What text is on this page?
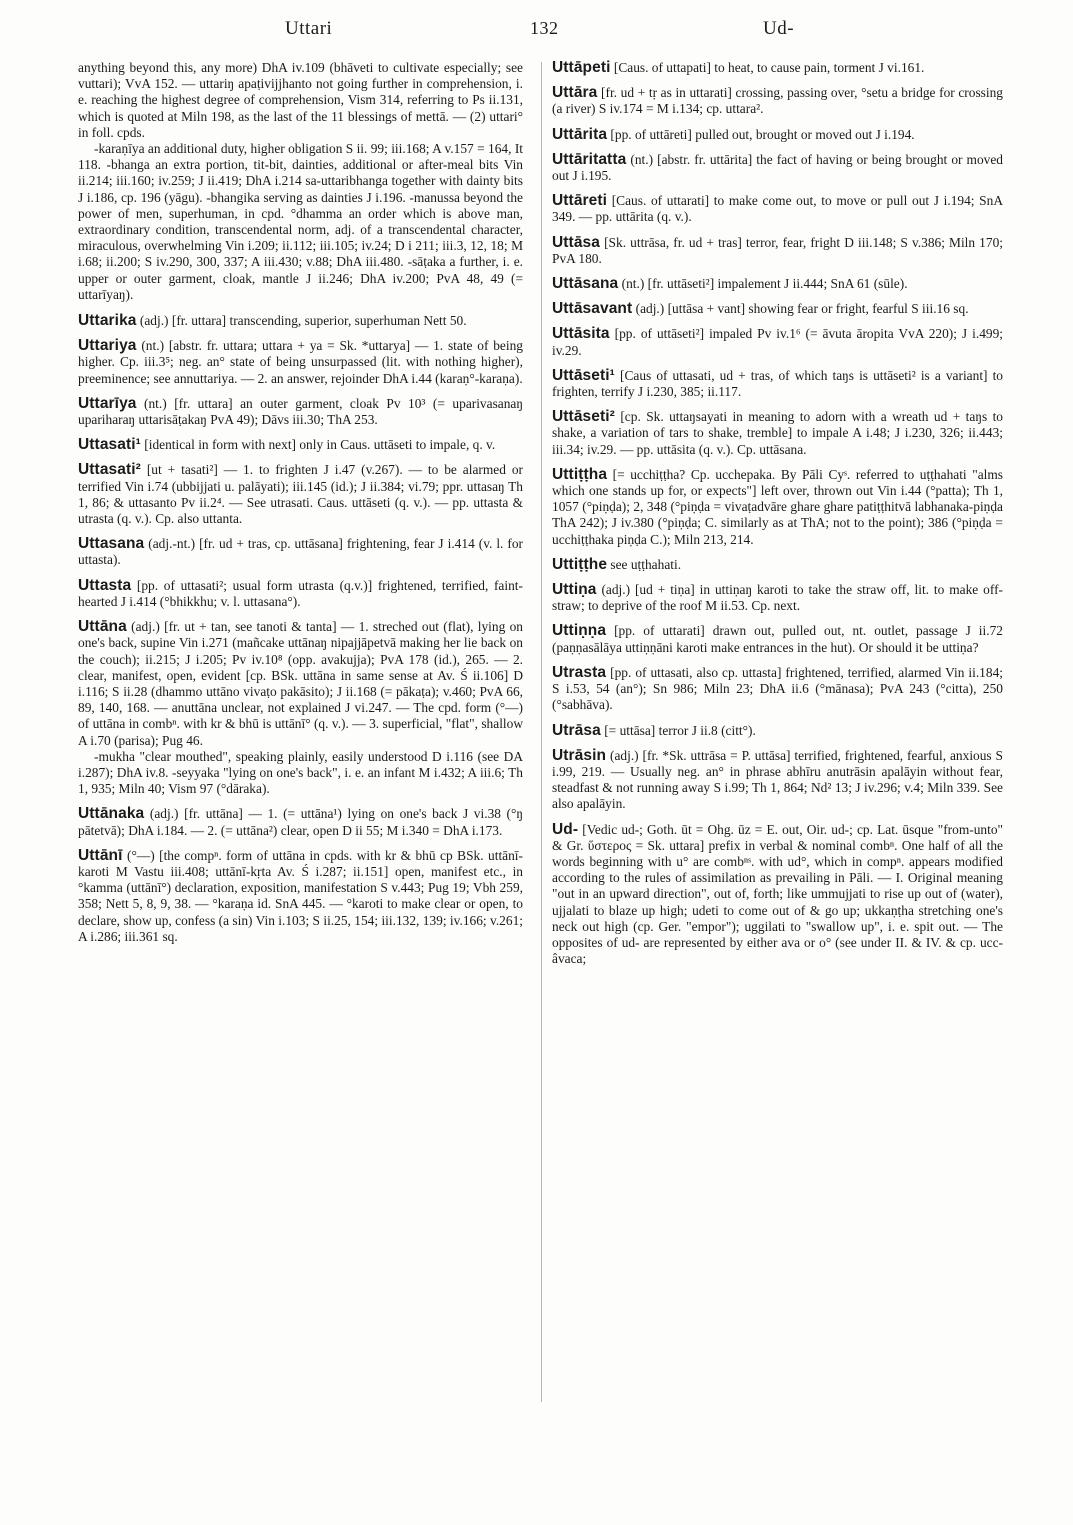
Uttari	132	Ud-

anything beyond this, any more) DhA iv.109 (bhāveti to cultivate especially; see vuttari); VvA 152. — uttariŋ apaṭivijjhanto not going further in comprehension, i. e. reaching the highest degree of comprehension, Vism 314, referring to Ps ii.131, which is quoted at Miln 198, as the last of the 11 blessings of mettā. — (2) uttari° in foll. cpds.

-karaṇīya an additional duty, higher obligation S ii. 99; iii.168; A v.157 = 164, It 118. -bhanga an extra portion, tit-bit, dainties, additional or after-meal bits Vin ii.214; iii.160; iv.259; J ii.419; DhA i.214 sa-uttaribhanga together with dainty bits J i.186, cp. 196 (yāgu). -bhangika serving as dainties J i.196. -manussa beyond the power of men, superhuman, in cpd. °dhamma an order which is above man, extraordinary condition, transcendental norm, adj. of a transcendental character, miraculous, overwhelming Vin i.209; ii.112; iii.105; iv.24; D i 211; iii.3, 12, 18; M i.68; ii.200; S iv.290, 300, 337; A iii.430; v.88; DhA iii.480. -sāṭaka a further, i. e. upper or outer garment, cloak, mantle J ii.246; DhA iv.200; PvA 48, 49 (= uttarīyaŋ).

Uttarika (adj.) [fr. uttara] transcending, superior, superhuman Nett 50.

Uttariya (nt.) [abstr. fr. uttara; uttara + ya = Sk. *uttarya] — 1. state of being higher. Cp. iii.3⁵; neg. an° state of being unsurpassed (lit. with nothing higher), preeminence; see annuttariya. — 2. an answer, rejoinder DhA i.44 (karaṇ°-karaṇa).

Uttarīya (nt.) [fr. uttara] an outer garment, cloak Pv 10³ (= uparivasanaŋ upariharaŋ uttarisāṭakaŋ PvA 49); Dāvs iii.30; ThA 253.

Uttasati¹ [identical in form with next] only in Caus. uttāseti to impale, q. v.

Uttasati² [ut + tasati²] — 1. to frighten J i.47 (v.267). — to be alarmed or terrified Vin i.74 (ubbijjati u. palāyati); iii.145 (id.); J ii.384; vi.79; ppr. uttasaŋ Th 1, 86; & uttasanto Pv ii.2⁴. — See utrasati. Caus. uttāseti (q. v.). — pp. uttasta & utrasta (q. v.). Cp. also uttanta.

Uttasana (adj.-nt.) [fr. ud + tras, cp. uttāsana] frightening, fear J i.414 (v. l. for uttasta).

Uttasta [pp. of uttasati²; usual form utrasta (q.v.)] frightened, terrified, faint-hearted J i.414 (°bhikkhu; v. l. uttasana°).

Uttāna (adj.) [fr. ut + tan, see tanoti & tanta] — 1. streched out (flat), lying on one's back, supine Vin i.271 (mañcake uttānaŋ nipajjāpetvā making her lie back on the couch); ii.215; J i.205; Pv iv.10⁸ (opp. avakujja); PvA 178 (id.), 265. — 2. clear, manifest, open, evident [cp. BSk. uttāna in same sense at Av. Ś ii.106] D i.116; S ii.28 (dhammo uttāno vivaṭo pakāsito); J ii.168 (= pākaṭa); v.460; PvA 66, 89, 140, 168. — anuttāna unclear, not explained J vi.247. — The cpd. form (°—) of uttāna in combⁿ. with kr & bhū is uttānī° (q. v.). — 3. superficial, "flat", shallow A i.70 (parisa); Pug 46.

-mukha "clear mouthed", speaking plainly, easily understood D i.116 (see DA i.287); DhA iv.8. -seyyaka "lying on one's back", i. e. an infant M i.432; A iii.6; Th 1, 935; Miln 40; Vism 97 (°dāraka).

Uttānaka (adj.) [fr. uttāna] — 1. (= uttāna¹) lying on one's back J vi.38 (°ŋ pātetvā); DhA i.184. — 2. (= uttāna²) clear, open D ii 55; M i.340 = DhA i.173.

Uttānī (°—) [the compⁿ. form of uttāna in cpds. with kr & bhū cp BSk. uttānī-karoti M Vastu iii.408; uttānī-kṛta Av. Ś i.287; ii.151] open, manifest etc., in °kamma (uttānī°) declaration, exposition, manifestation S v.443; Pug 19; Vbh 259, 358; Nett 5, 8, 9, 38. — °karaṇa id. SnA 445. — °karoti to make clear or open, to declare, show up, confess (a sin) Vin i.103; S ii.25, 154; iii.132, 139; iv.166; v.261; A i.286; iii.361 sq.

Uttāpeti [Caus. of uttapati] to heat, to cause pain, torment J vi.161.

Uttāra [fr. ud + tṛ as in uttarati] crossing, passing over, °setu a bridge for crossing (a river) S iv.174 = M i.134; cp. uttara².

Uttārita [pp. of uttāreti] pulled out, brought or moved out J i.194.

Uttāritatta (nt.) [abstr. fr. uttārita] the fact of having or being brought or moved out J i.195.

Uttāreti [Caus. of uttarati] to make come out, to move or pull out J i.194; SnA 349. — pp. uttārita (q. v.).

Uttāsa [Sk. uttrāsa, fr. ud + tras] terror, fear, fright D iii.148; S v.386; Miln 170; PvA 180.

Uttāsana (nt.) [fr. uttāseti²] impalement J ii.444; SnA 61 (sūle).

Uttāsavant (adj.) [uttāsa + vant] showing fear or fright, fearful S iii.16 sq.

Uttāsita [pp. of uttāseti²] impaled Pv iv.1⁶ (= āvuta āropita VvA 220); J i.499; iv.29.

Uttāseti¹ [Caus of uttasati, ud + tras, of which taŋs is uttāseti² is a variant] to frighten, terrify J i.230, 385; ii.117.

Uttāseti² [cp. Sk. uttaŋsayati in meaning to adorn with a wreath ud + taŋs to shake, a variation of tars to shake, tremble] to impale A i.48; J i.230, 326; ii.443; iii.34; iv.29. — pp. uttāsita (q. v.). Cp. uttāsana.

Uttiṭṭha [= ucchiṭṭha? Cp. ucchepaka. By Pāli Cyˢ. referred to uṭṭhahati "alms which one stands up for, or expects"] left over, thrown out Vin i.44 (°patta); Th 1, 1057 (°piṇḍa); 2, 348 (°piṇḍa = vivaṭadvāre ghare ghare patiṭṭhitvā labhanaka-piṇḍa ThA 242); J iv.380 (°piṇḍa; C. similarly as at ThA; not to the point); 386 (°piṇḍa = ucchiṭṭhaka piṇḍa C.); Miln 213, 214.

Uttiṭṭhe see uṭṭhahati.

Uttiṇa (adj.) [ud + tiṇa] in uttiṇaŋ karoti to take the straw off, lit. to make off-straw; to deprive of the roof M ii.53. Cp. next.

Uttiṇṇa [pp. of uttarati] drawn out, pulled out, nt. outlet, passage J ii.72 (paṇṇasālāya uttiṇṇāni karoti make entrances in the hut). Or should it be uttiṇa?

Utrasta [pp. of uttasati, also cp. uttasta] frightened, terrified, alarmed Vin ii.184; S i.53, 54 (an°); Sn 986; Miln 23; DhA ii.6 (°mānasa); PvA 243 (°citta), 250 (°sabhāva).

Utrāsa [= uttāsa] terror J ii.8 (citt°).

Utrāsin (adj.) [fr. *Sk. uttrāsa = P. uttāsa] terrified, frightened, fearful, anxious S i.99, 219. — Usually neg. an° in phrase abhīru anutrāsin apalāyin without fear, steadfast & not running away S i.99; Th 1, 864; Nd² 13; J iv.296; v.4; Miln 339. See also apalāyin.

Ud- [Vedic ud-; Goth. ūt = Ohg. ūz = E. out, Oir. ud-; cp. Lat. ūsque "from-unto" & Gr. ὕστερος = Sk. uttara] prefix in verbal & nominal combⁿ. One half of all the words beginning with u° are combⁿˢ. with ud°, which in compⁿ. appears modified according to the rules of assimilation as prevailing in Pāli. — I. Original meaning "out in an upward direction", out of, forth; like ummujjati to rise up out of (water), ujjalati to blaze up high; udeti to come out of & go up; ukkaṇṭha stretching one's neck out high (cp. Ger. "empor"); uggilati to "swallow up", i. e. spit out. — The opposites of ud- are represented by either ava or o° (see under II. & IV. & cp. ucc-âvaca;
